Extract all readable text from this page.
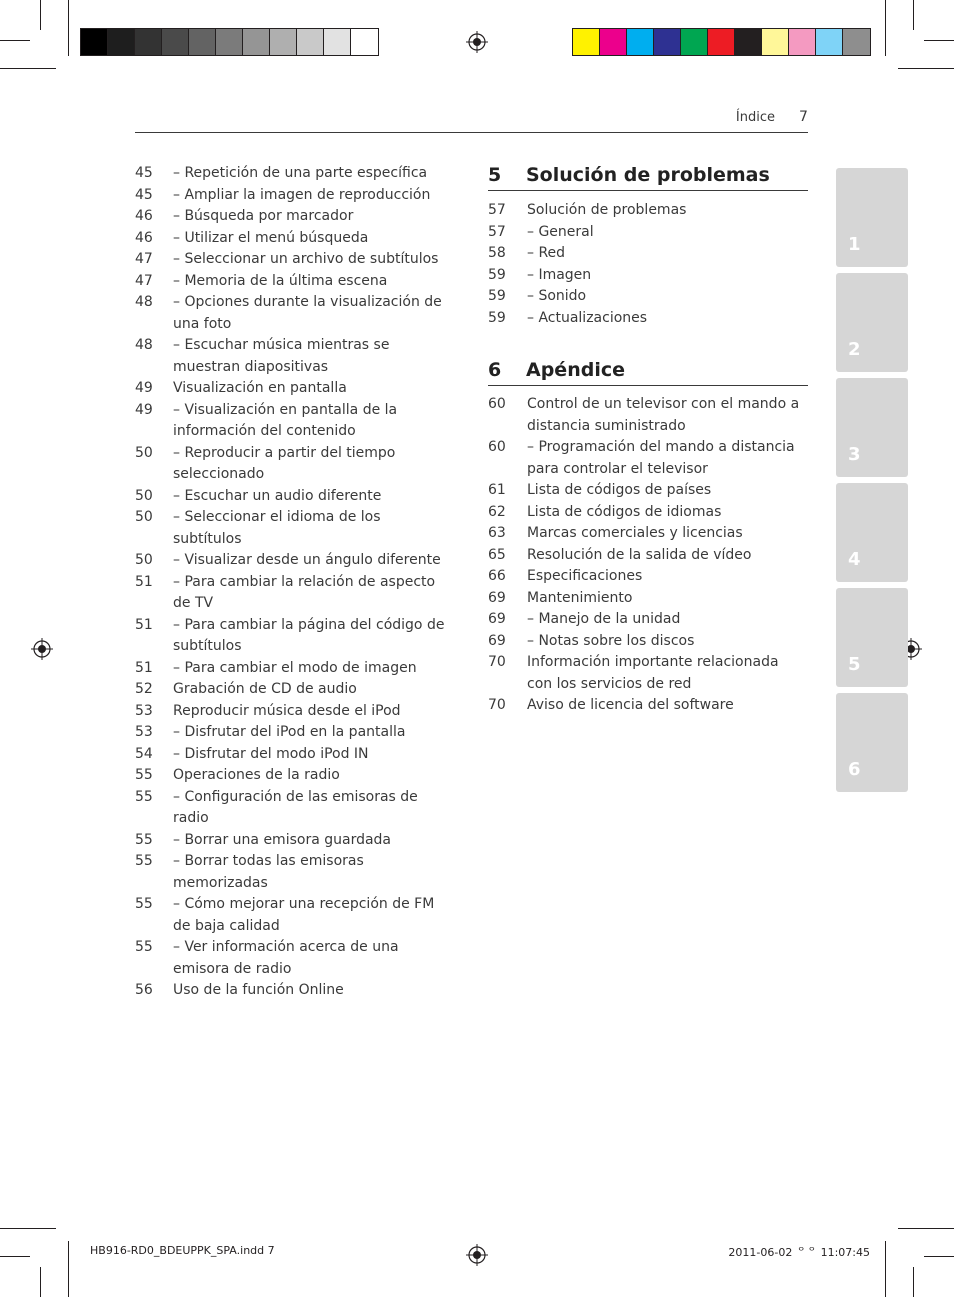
Índice 7
45	– Repetición de una parte específica
45	– Ampliar la imagen de reproducción
46	– Búsqueda por marcador
46	– Utilizar el menú búsqueda
47	– Seleccionar un archivo de subtítulos
47	– Memoria de la última escena
48	– Opciones durante la visualización de una foto
48	– Escuchar música mientras se muestran diapositivas
49	Visualización en pantalla
49	– Visualización en pantalla de la información del contenido
50	– Reproducir a partir del tiempo seleccionado
50	– Escuchar un audio diferente
50	– Seleccionar el idioma de los subtítulos
50	– Visualizar desde un ángulo diferente
51	– Para cambiar la relación de aspecto de TV
51	– Para cambiar la página del código de subtítulos
51	– Para cambiar el modo de imagen
52	Grabación de CD de audio
53	Reproducir música desde el iPod
53	– Disfrutar del iPod en la pantalla
54	– Disfrutar del modo iPod IN
55	Operaciones de la radio
55	– Configuración de las emisoras de radio
55	– Borrar una emisora guardada
55	– Borrar todas las emisoras memorizadas
55	– Cómo mejorar una recepción de FM de baja calidad
55	– Ver información acerca de una emisora de radio
56	Uso de la función Online
5	Solución de problemas
57	Solución de problemas
57	– General
58	– Red
59	– Imagen
59	– Sonido
59	– Actualizaciones
6	Apéndice
60	Control de un televisor con el mando a distancia suministrado
60	– Programación del mando a distancia para controlar el televisor
61	Lista de códigos de países
62	Lista de códigos de idiomas
63	Marcas comerciales y licencias
65	Resolución de la salida de vídeo
66	Especificaciones
69	Mantenimiento
69	– Manejo de la unidad
69	– Notas sobre los discos
70	Información importante relacionada con los servicios de red
70	Aviso de licencia del software
1
2
3
4
5
6
HB916-RD0_BDEUPPK_SPA.indd 7	2011-06-02 ᄋᄋ 11:07:45
